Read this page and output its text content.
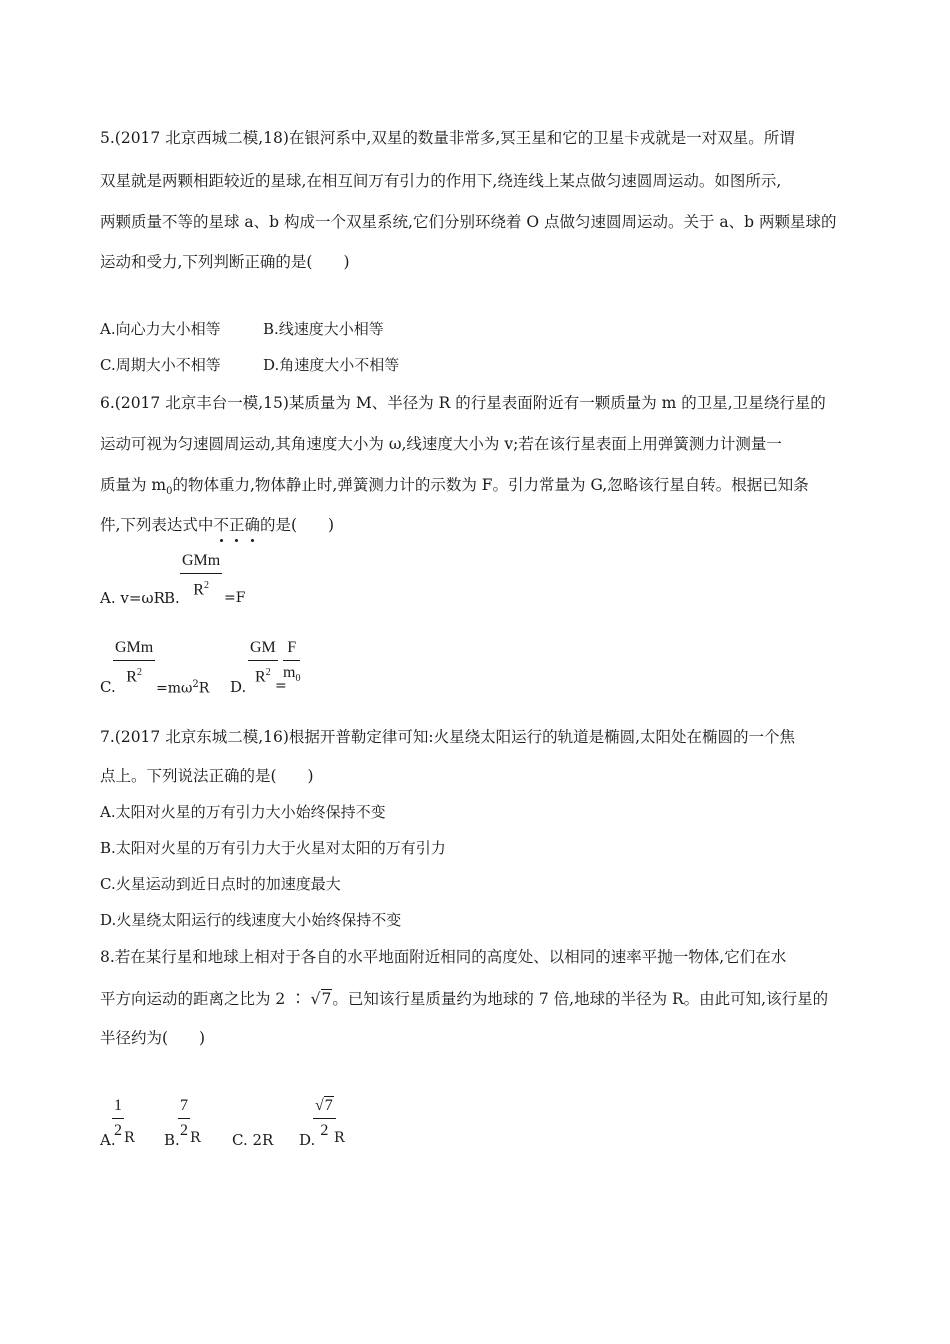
5.(2017 北京西城二模,18)在银河系中,双星的数量非常多,冥王星和它的卫星卡戎就是一对双星。所谓
双星就是两颗相距较近的星球,在相互间万有引力的作用下,绕连线上某点做匀速圆周运动。如图所示,
两颗质量不等的星球 a、b 构成一个双星系统,它们分别环绕着 O 点做匀速圆周运动。关于 a、b 两颗星球的
运动和受力,下列判断正确的是(　　)
A.向心力大小相等	B.线速度大小相等
C.周期大小不相等	D.角速度大小不相等
6.(2017 北京丰台一模,15)某质量为 M、半径为 R 的行星表面附近有一颗质量为 m 的卫星,卫星绕行星的
运动可视为匀速圆周运动,其角速度大小为 ω,线速度大小为 v;若在该行星表面上用弹簧测力计测量一
质量为 $m_0$的物体重力,物体静止时,弹簧测力计的示数为 F。引力常量为 G,忽略该行星自转。根据已知条
件,下列表达式中不
正
确
的是(　　)
A. v=ωR B.
GMm
$R^2$
=F
C.
GMm
$R^2$
$=m\omega^2R$ D.
$\frac{GM}{R^2}$
=
$\frac{F}{m_0}$
7.(2017 北京东城二模,16)根据开普勒定律可知:火星绕太阳运行的轨道是椭圆,太阳处在椭圆的一个焦
点上。下列说法正确的是(　　)
A.太阳对火星的万有引力大小始终保持不变
B.太阳对火星的万有引力大于火星对太阳的万有引力
C.火星运动到近日点时的加速度最大
D.火星绕太阳运行的线速度大小始终保持不变
8.若在某行星和地球上相对于各自的水平地面附近相同的高度处、以相同的速率平抛一物体,它们在水
平方向运动的距离之比为 2 ∶ √7。已知该行星质量约为地球的 7 倍,地球的半径为 R。由此可知,该行星的
半径约为(　　)
A.
$\frac{1}{2}$ R B.
$\frac{7}{2}$ R C. 2R D.
$\frac{√7}{2}$
R
